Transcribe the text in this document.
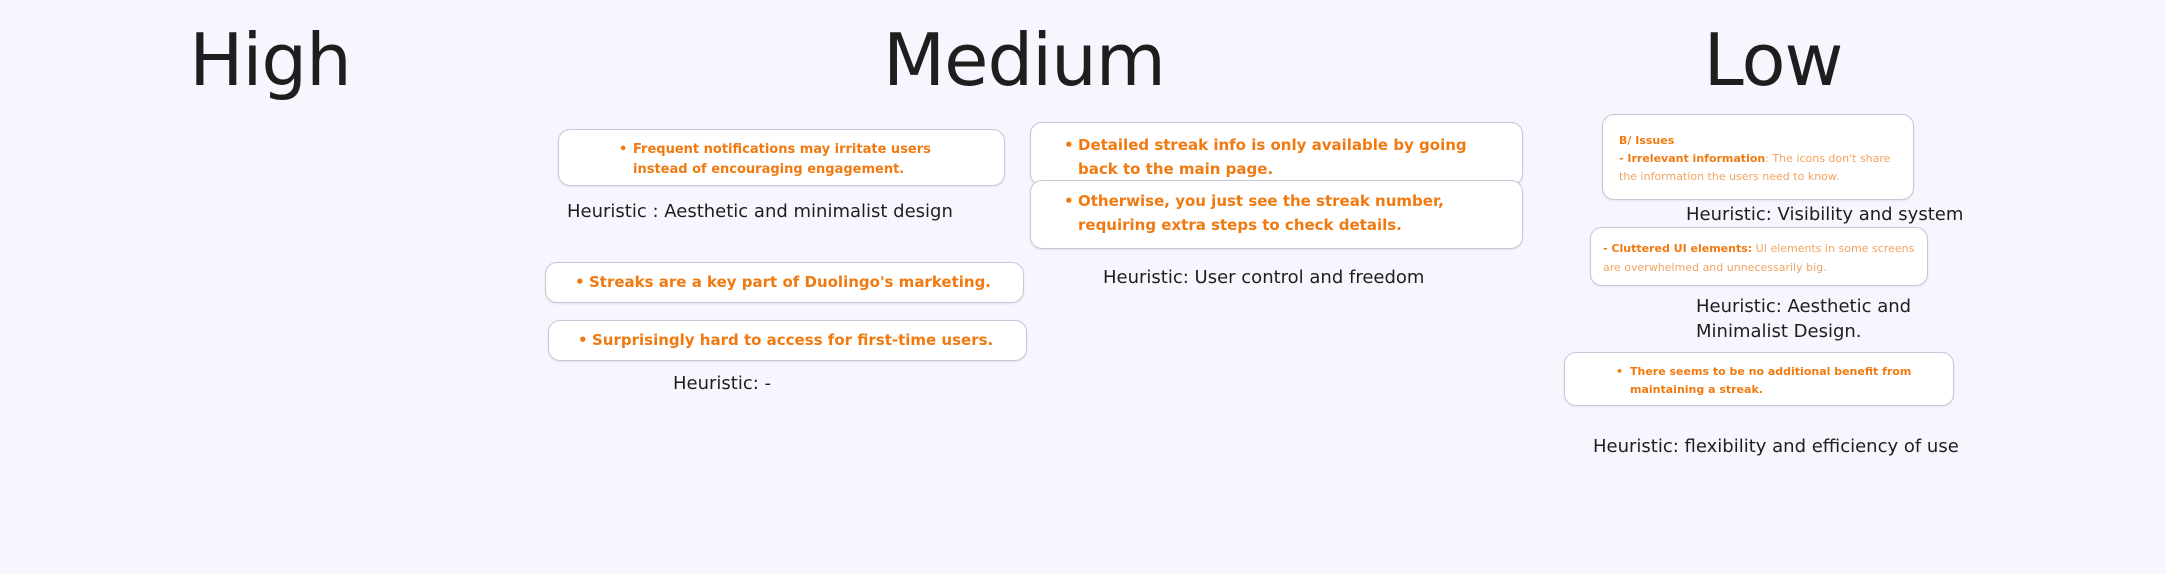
High	Medium	Low
• Frequent notifications may irritate users instead of encouraging engagement.
Heuristic : Aesthetic and minimalist design
• Streaks are a key part of Duolingo's marketing.
• Surprisingly hard to access for first-time users.
Heuristic: -
• Detailed streak info is only available by going back to the main page.
• Otherwise, you just see the streak number, requiring extra steps to check details.
Heuristic: User control and freedom
B/ Issues
- Irrelevant information: The icons don't share the information the users need to know.
Heuristic: Visibility and system
- Cluttered UI elements: UI elements in some screens are overwhelmed and unnecessarily big.
Heuristic: Aesthetic and
Minimalist Design.
• There seems to be no additional benefit from maintaining a streak.
Heuristic: flexibility and efficiency of use
